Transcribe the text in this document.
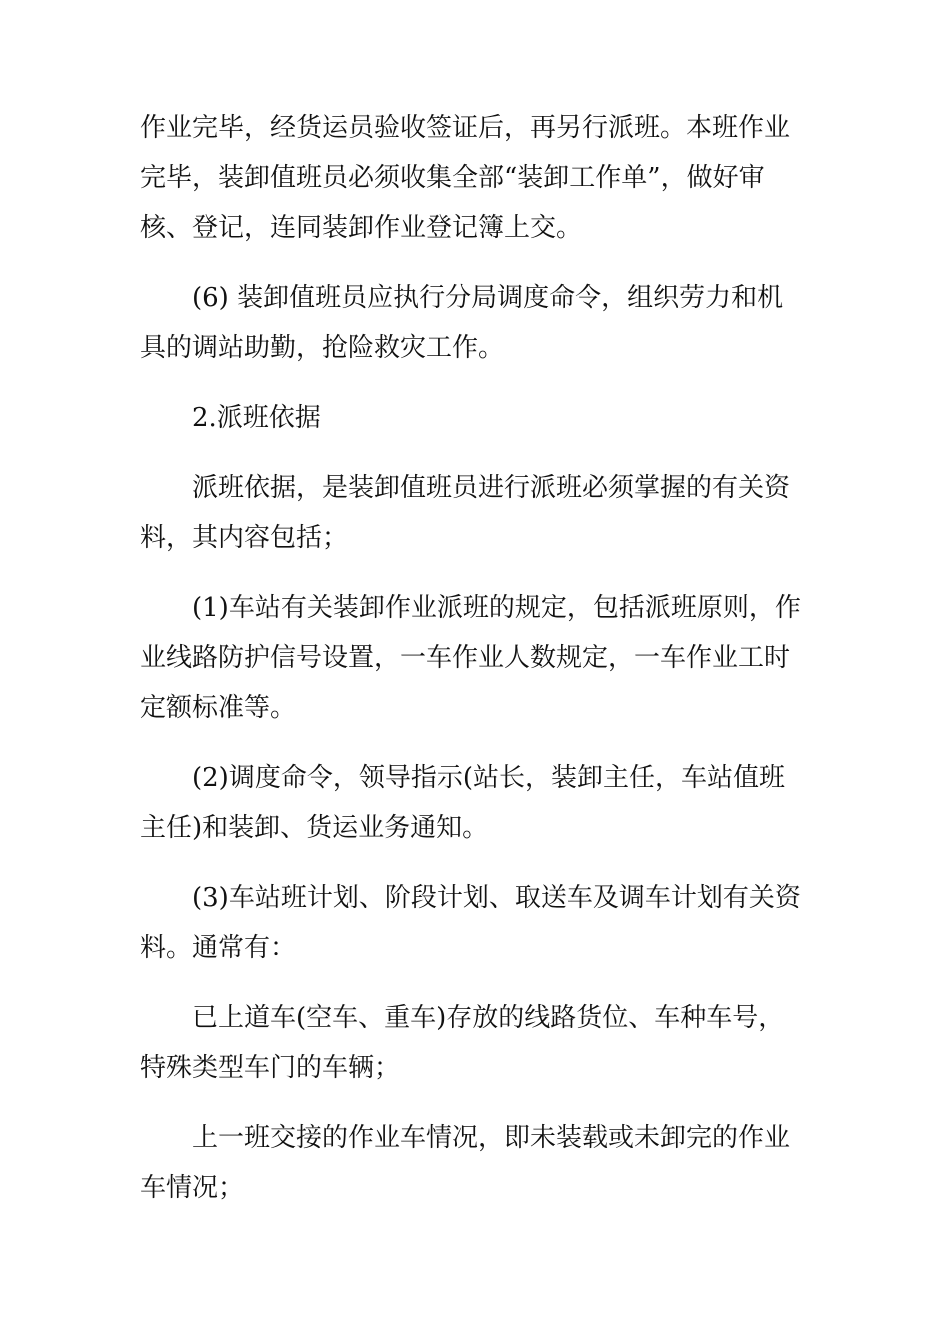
作业完毕，经货运员验收签证后，再另行派班。本班作业
完毕，装卸值班员必须收集全部“装卸工作单”，做好审
核、登记，连同装卸作业登记簿上交。

(6) 装卸值班员应执行分局调度命令，组织劳力和机
具的调站助勤，抢险救灾工作。

2.派班依据

派班依据，是装卸值班员进行派班必须掌握的有关资
料，其内容包括；

(1)车站有关装卸作业派班的规定，包括派班原则，作
业线路防护信号设置，一车作业人数规定，一车作业工时
定额标准等。

(2)调度命令，领导指示(站长，装卸主任，车站值班
主任)和装卸、货运业务通知。

(3)车站班计划、阶段计划、取送车及调车计划有关资
料。通常有：

已上道车(空车、重车)存放的线路货位、车种车号，
特殊类型车门的车辆；

上一班交接的作业车情况，即未装载或未卸完的作业
车情况；
